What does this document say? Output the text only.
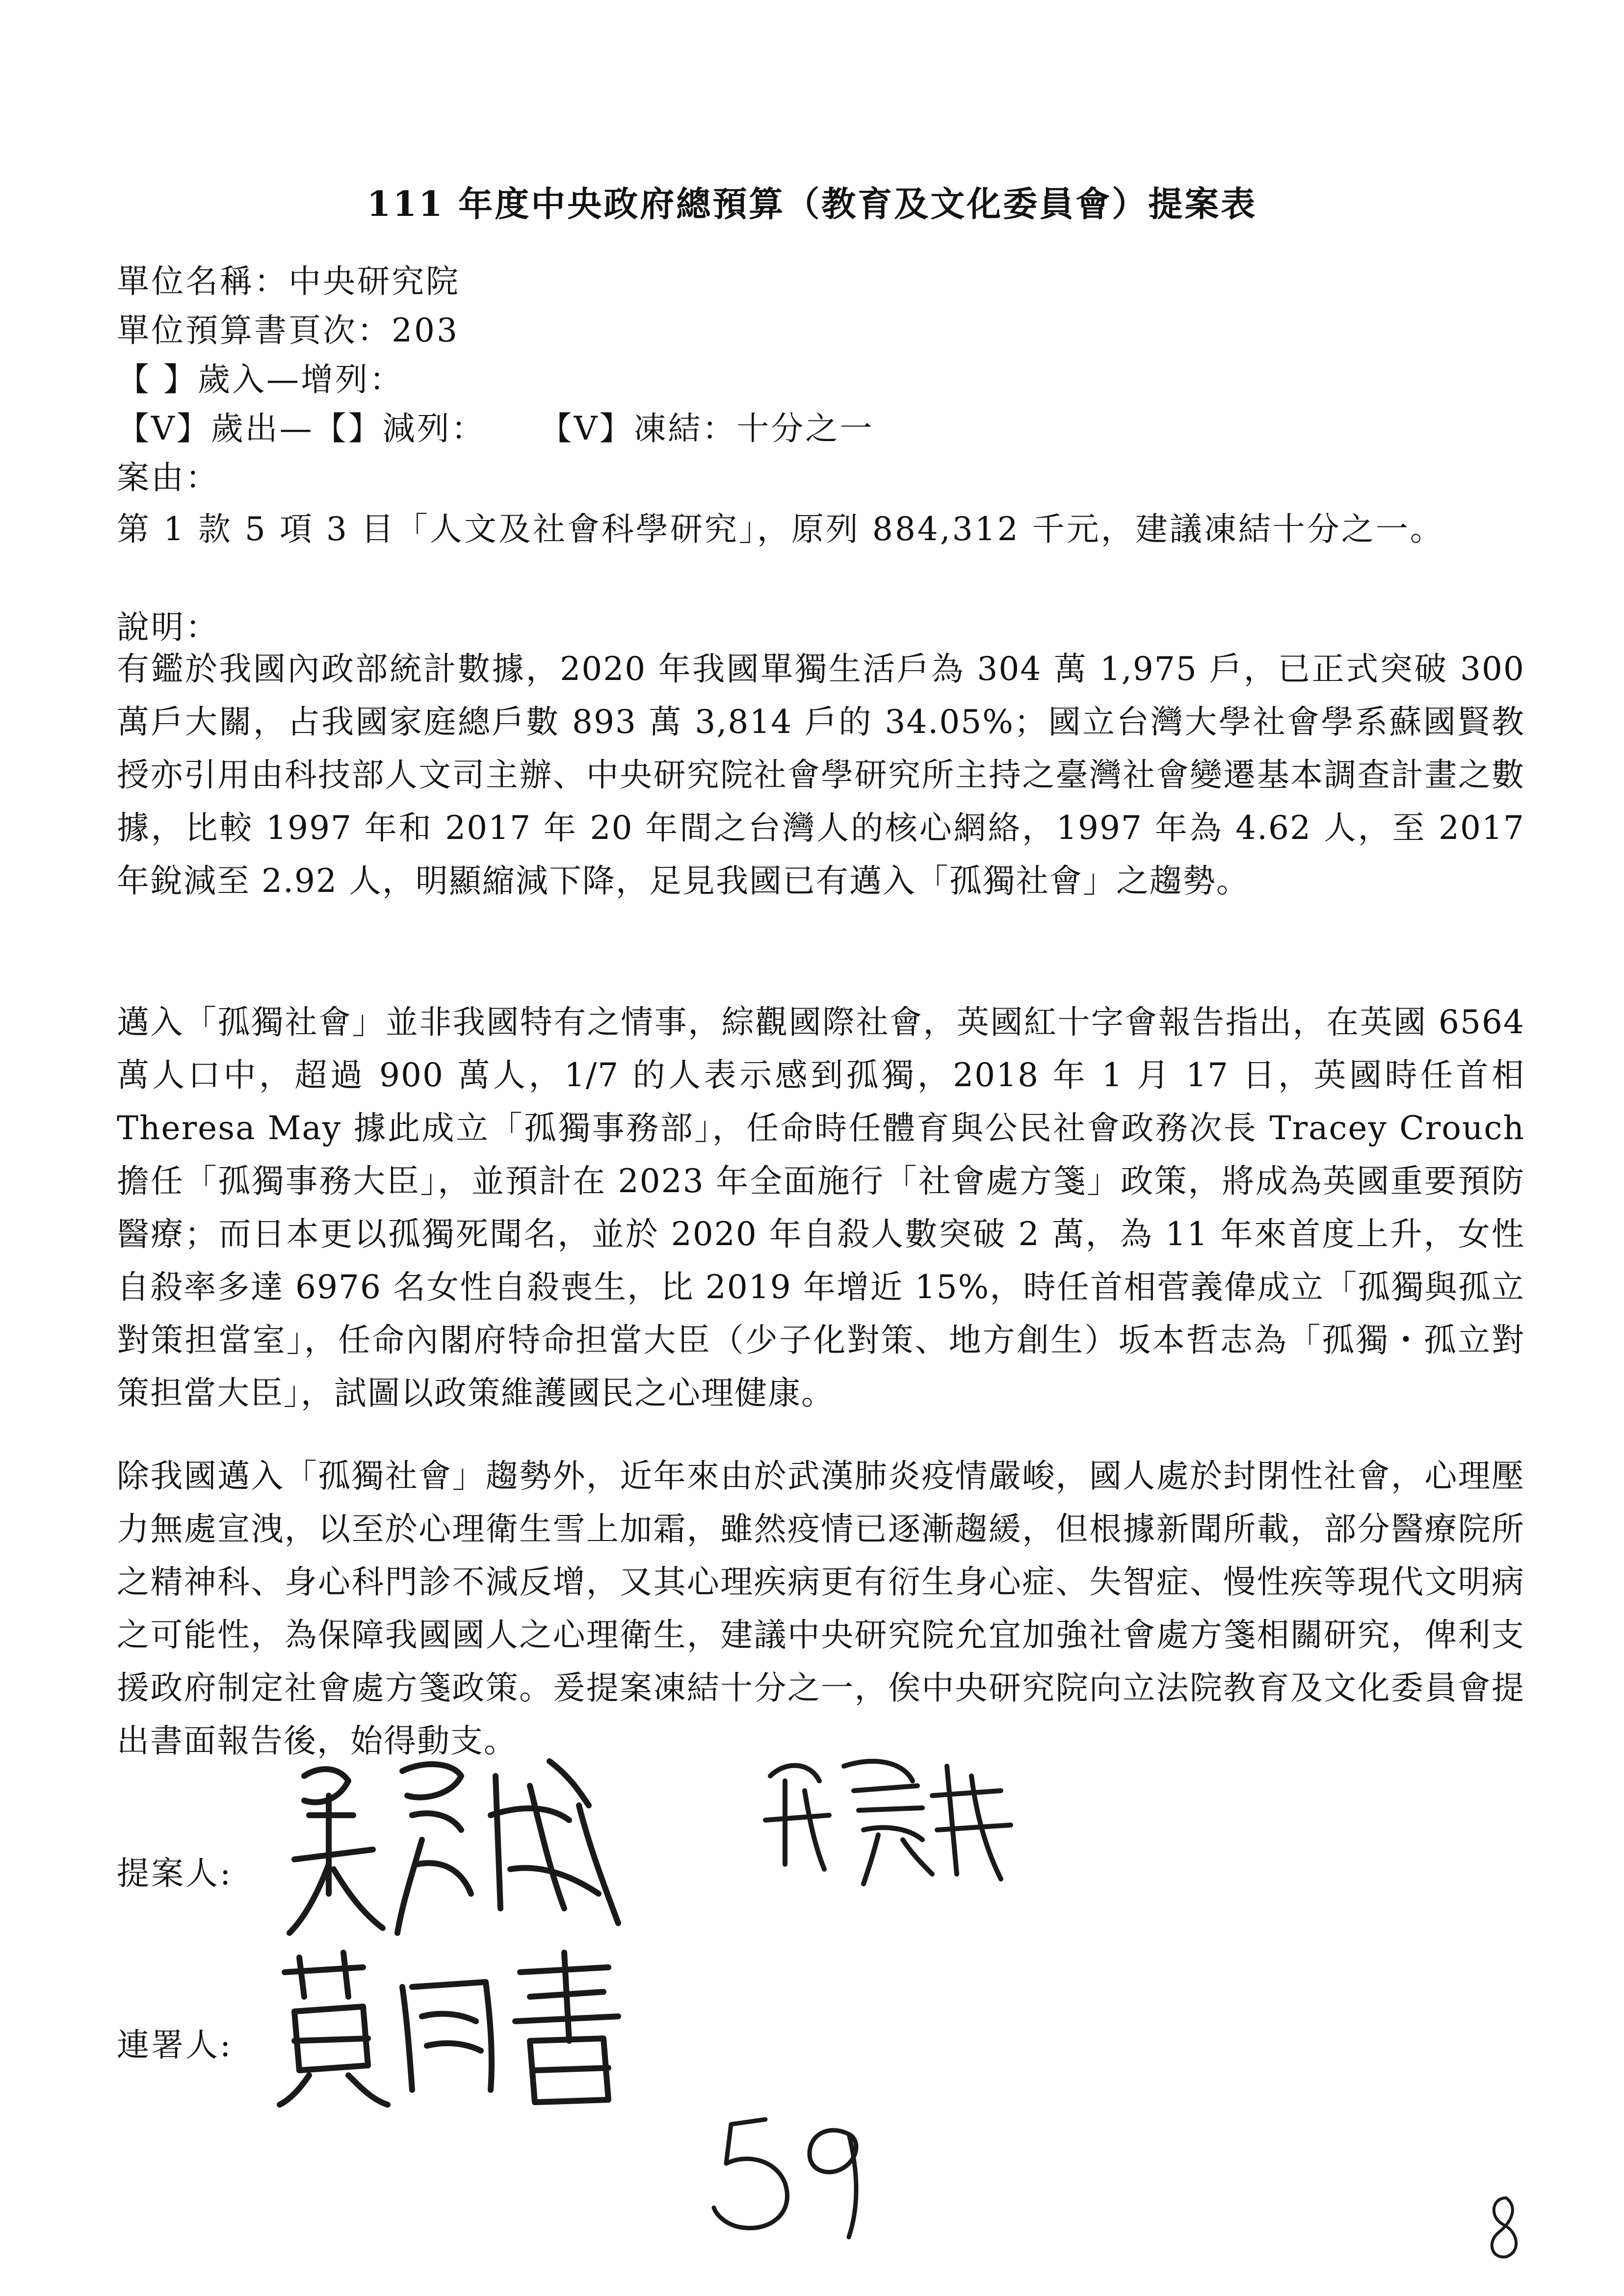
111 年度中央政府總預算（教育及文化委員會）提案表
單位名稱：中央研究院
單位預算書頁次：203
【 】歲入—增列：
【V】歲出—【】減列： 【V】凍結：十分之一
案由：
第 1 款 5 項 3 目「人文及社會科學研究」，原列 884,312 千元，建議凍結十分之一。
說明：
有鑑於我國內政部統計數據，2020 年我國單獨生活戶為 304 萬 1,975 戶，已正式突破 300 萬戶大關，占我國家庭總戶數 893 萬 3,814 戶的 34.05%；國立台灣大學社會學系蘇國賢教授亦引用由科技部人文司主辦、中央研究院社會學研究所主持之臺灣社會變遷基本調查計畫之數據，比較 1997 年和 2017 年 20 年間之台灣人的核心網絡，1997 年為 4.62 人，至 2017 年銳減至 2.92 人，明顯縮減下降，足見我國已有邁入「孤獨社會」之趨勢。
邁入「孤獨社會」並非我國特有之情事，綜觀國際社會，英國紅十字會報告指出，在英國 6564 萬人口中，超過 900 萬人，1/7 的人表示感到孤獨，2018 年 1 月 17 日，英國時任首相 Theresa May 據此成立「孤獨事務部」，任命時任體育與公民社會政務次長 Tracey Crouch 擔任「孤獨事務大臣」，並預計在 2023 年全面施行「社會處方箋」政策，將成為英國重要預防醫療；而日本更以孤獨死聞名，並於 2020 年自殺人數突破 2 萬，為 11 年來首度上升，女性自殺率多達 6976 名女性自殺喪生，比 2019 年增近 15%，時任首相菅義偉成立「孤獨與孤立對策担當室」，任命內閣府特命担當大臣（少子化對策、地方創生）坂本哲志為「孤獨・孤立對策担當大臣」，試圖以政策維護國民之心理健康。
除我國邁入「孤獨社會」趨勢外，近年來由於武漢肺炎疫情嚴峻，國人處於封閉性社會，心理壓力無處宣洩，以至於心理衛生雪上加霜，雖然疫情已逐漸趨緩，但根據新聞所載，部分醫療院所之精神科、身心科門診不減反增，又其心理疾病更有衍生身心症、失智症、慢性疾等現代文明病之可能性，為保障我國國人之心理衛生，建議中央研究院允宜加強社會處方箋相關研究，俾利支援政府制定社會處方箋政策。爰提案凍結十分之一，俟中央研究院向立法院教育及文化委員會提出書面報告後，始得動支。
提案人:
連署人:
